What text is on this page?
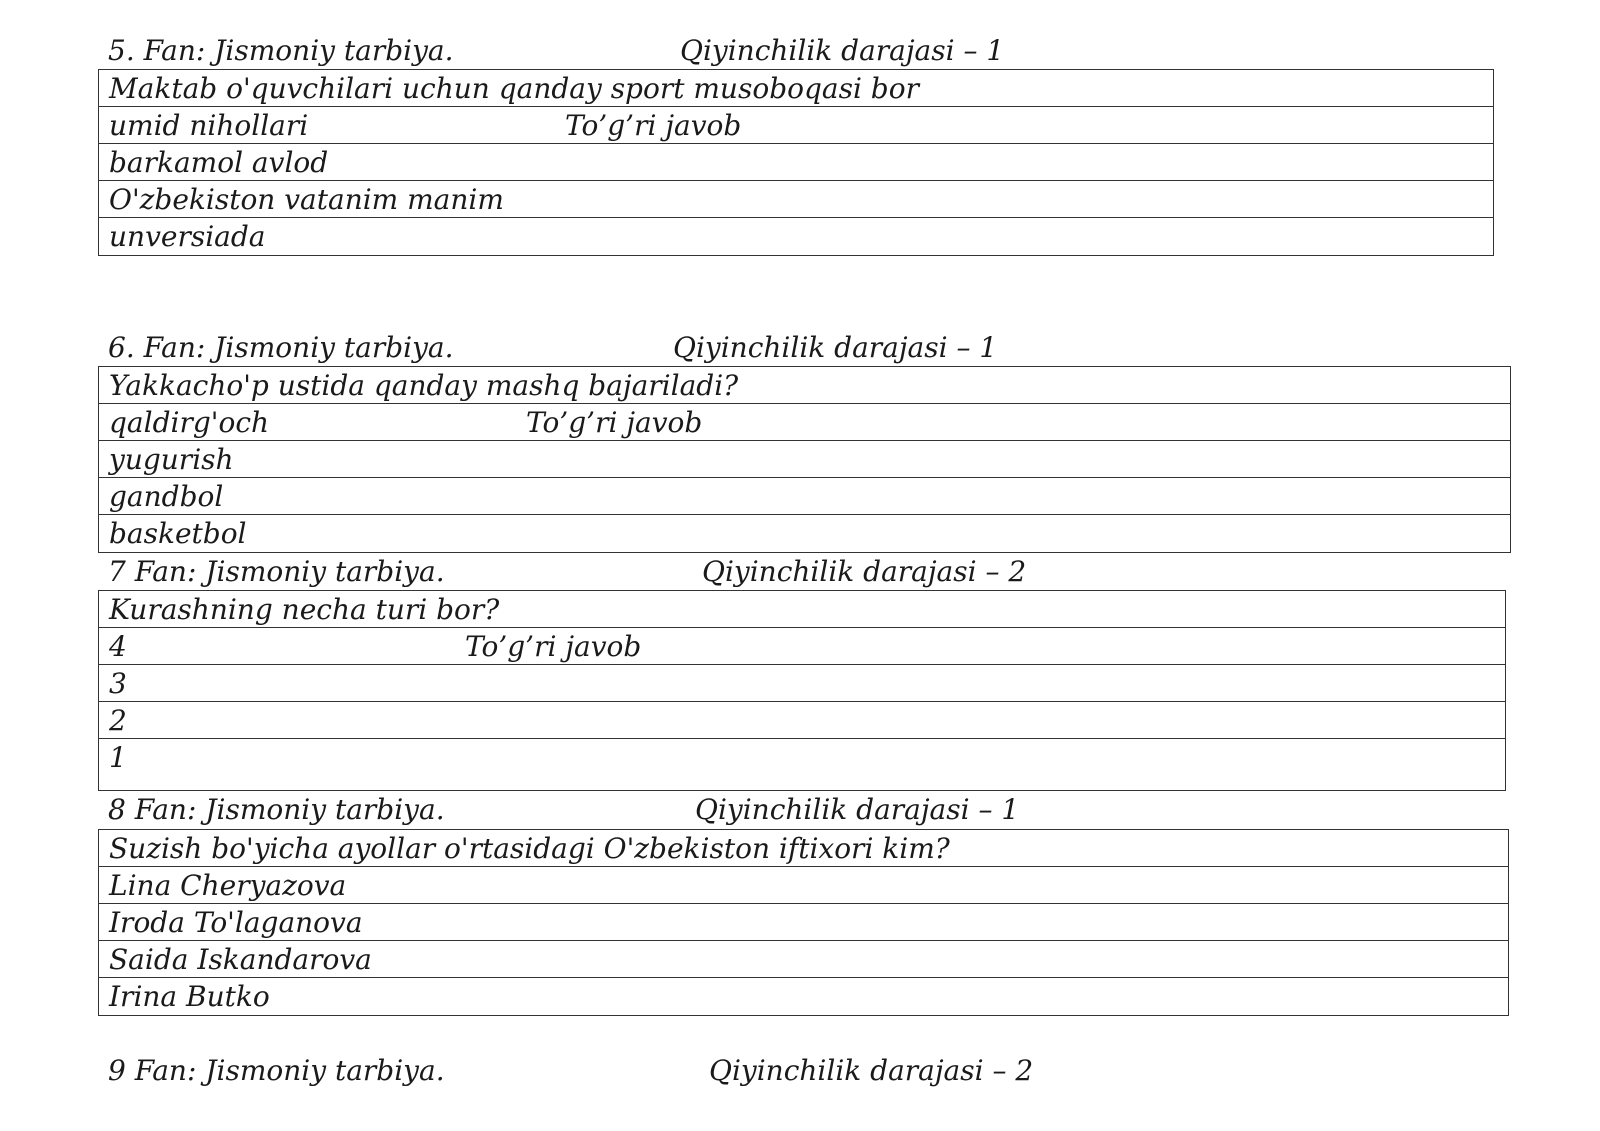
5. Fan: Jismoniy tarbiya.	Qiyinchilik darajasi – 1
Maktab o'quvchilari uchun qanday sport musoboqasi bor
umid nihollari	To’g’ri javob
barkamol avlod
O'zbekiston vatanim manim
unversiada
6. Fan: Jismoniy tarbiya.	Qiyinchilik darajasi – 1
Yakkacho'p ustida qanday mashq bajariladi?
qaldirg'och	To’g’ri javob
yugurish
gandbol
basketbol
7 Fan: Jismoniy tarbiya.	Qiyinchilik darajasi – 2
Kurashning necha turi bor?
4	To’g’ri javob
3
2
1
8 Fan: Jismoniy tarbiya.	Qiyinchilik darajasi – 1
Suzish bo'yicha ayollar o'rtasidagi O'zbekiston iftixori kim?
Lina Cheryazova
Iroda To'laganova
Saida Iskandarova
Irina Butko
9 Fan: Jismoniy tarbiya.	Qiyinchilik darajasi – 2
